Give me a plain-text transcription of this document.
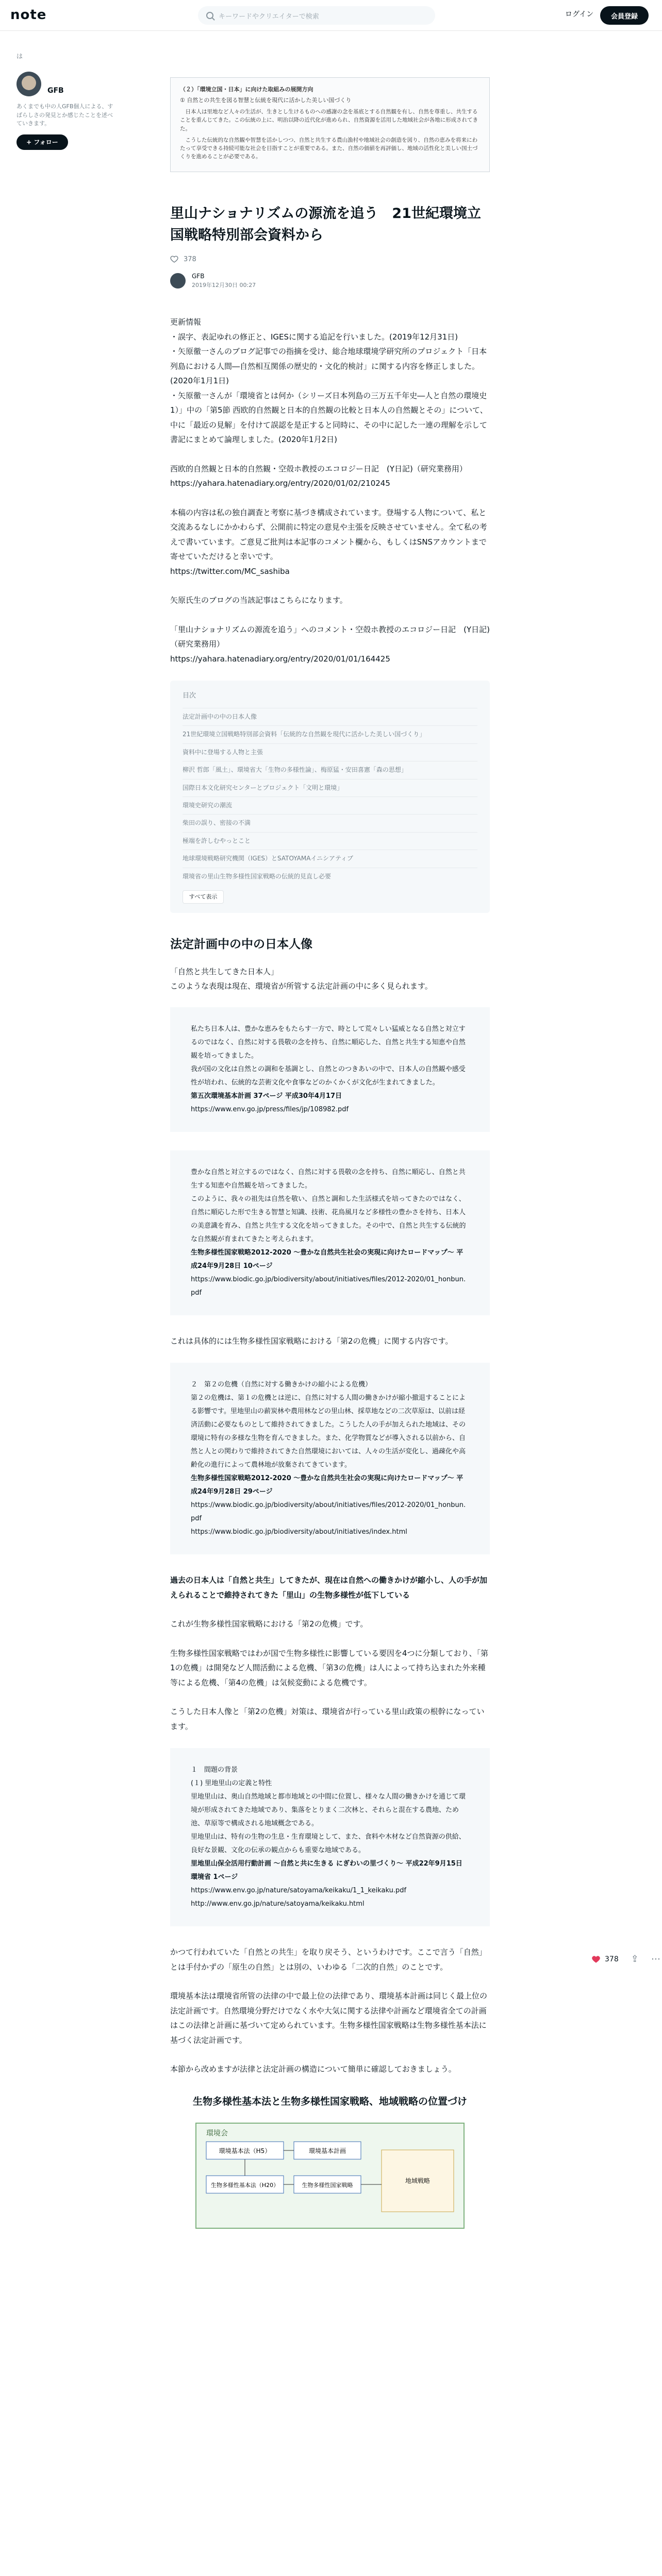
note	キーワードやクリエイターで検索	ログイン	会員登録
は
GFB
あくまでも中の人GFB個人による、すばらしさの発見とか感じたことを述べていきます。
+ フォロー
（２）「環境立国・日本」に向けた取組みの展開方向
① 自然との共生を図る智慧と伝統を現代に活かした美しい国づくり

日本人は里地など人々の生活が、生きとし生けるものへの感謝の念を基底とする自然観を有し、自然を尊重し、共生することを重んじてきた。この伝統の上に、明治以降の近代化が進められ、自然資源を活用した地域社会が各地に形成されてきた。

こうした伝統的な自然観や智慧を活かしつつ、自然と共生する農山漁村や地域社会の創造を図り、自然の恵みを将来にわたって享受できる持続可能な社会を目指すことが重要である。また、自然の価値を再評価し、地域の活性化と美しい国土づくりを進めることが必要である。

里山ナショナリズムの源流を追う　21世紀環境立国戦略特別部会資料から
378
GFB
2019年12月30日 00:27

更新情報
・誤字、表記ゆれの修正と、IGESに関する追記を行いました。(2019年12月31日)
・矢原徹一さんのブログ記事での指摘を受け、総合地球環境学研究所のプロジェクト「日本列島における人間―自然相互関係の歴史的・文化的検討」に関する内容を修正しました。(2020年1月1日)
・矢原徹一さんが「環境省とは何か（シリーズ日本列島の三万五千年史―人と自然の環境史 1）」中の「第5節 西欧的自然観と日本的自然観の比較と日本人の自然観とその」について、中に「最近の見解」を付けて誤認を是正すると同時に、その中に記した一連の理解を示して書記にまとめて論理しました。(2020年1月2日)

西欧的自然観と日本的自然観・空殻ホ教授のエコロジー日記　(Y日記)（研究業務用）
https://yahara.hatenadiary.org/entry/2020/01/02/210245

本稿の内容は私の独自調査と考察に基づき構成されています。登場する人物について、私と交流あるなしにかかわらず、公開前に特定の意見や主張を反映させていません。全て私の考えで書いています。ご意見ご批判は本記事のコメント欄から、もしくはSNSアカウントまで寄せていただけると幸いです。
https://twitter.com/MC_sashiba

矢原氏生のブログの当該記事はこちらになります。

「里山ナショナリズムの源流を追う」へのコメント・空殻ホ教授のエコロジー日記　(Y日記)（研究業務用）
https://yahara.hatenadiary.org/entry/2020/01/01/164425

目次
法定計画中の中の日本人像
21世紀環境立国戦略特別部会資料「伝統的な自然観を現代に活かした美しい国づくり」
資料中に登場する人物と主張
柳沢 哲郎「風土」、環境省大「生物の多様性論」、梅原猛・安田喜憲「森の思想」
国際日本文化研究センターとプロジェクト「文明と環境」
環境史研究の潮流
柴田の誤り、密接の不満
極端を許しむやっとこと
地球環境戦略研究機関（IGES）とSATOYAMAイニシアティブ
環境省の里山生物多様性国家戦略の伝統的見直し必要
すべて表示
法定計画中の中の日本人像

「自然と共生してきた日本人」
このような表現は現在、環境省が所管する法定計画の中に多く見られます。

私たち日本人は、豊かな恵みをもたらす一方で、時として荒々しい猛威となる自然と対立するのではなく、自然に対する畏敬の念を持ち、自然に順応した、自然と共生する知恵や自然観を培ってきました。
我が国の文化は自然との調和を基調とし、自然とのつきあいの中で、日本人の自然観や感受性が培われ、伝統的な芸術文化や食事などのかくかくが文化が生まれてきました。
第五次環境基本計画 37ページ 平成30年4月17日
https://www.env.go.jp/press/files/jp/108982.pdf
豊かな自然と対立するのではなく、自然に対する畏敬の念を持ち、自然に順応し、自然と共生する知恵や自然観を培ってきました。
このように、我々の祖先は自然を敬い、自然と調和した生活様式を培ってきたのではなく、自然に順応した形で生きる智慧と知識、技術、花鳥風月など多様性の豊かさを持ち、日本人の美意識を育み、自然と共生する文化を培ってきました。その中で、自然と共生する伝統的な自然観が育まれてきたと考えられます。
生物多様性国家戦略2012-2020 ～豊かな自然共生社会の実現に向けたロードマップ～ 平成24年9月28日 10ページ
https://www.biodic.go.jp/biodiversity/about/initiatives/files/2012-2020/01_honbun.pdf

これは具体的には生物多様性国家戦略における「第2の危機」に関する内容です。

２　第２の危機（自然に対する働きかけの縮小による危機）
第２の危機は、第１の危機とは逆に、自然に対する人間の働きかけが縮小撤退することによる影響です。里地里山の薪炭林や農用林などの里山林、採草地などの二次草原は、以前は経済活動に必要なものとして維持されてきました。こうした人の手が加えられた地域は、その環境に特有の多様な生物を育んできました。また、化学物質などが導入される以前から、自然と人との関わりで維持されてきた自然環境においては、人々の生活が変化し、過疎化や高齢化の進行によって農林地が放棄されてきています。
生物多様性国家戦略2012-2020 ～豊かな自然共生社会の実現に向けたロードマップ～ 平成24年9月28日 29ページ
https://www.biodic.go.jp/biodiversity/about/initiatives/files/2012-2020/01_honbun.pdf
https://www.biodic.go.jp/biodiversity/about/initiatives/index.html

過去の日本人は「自然と共生」してきたが、現在は自然への働きかけが縮小し、人の手が加えられることで維持されてきた「里山」の生物多様性が低下している

これが生物多様性国家戦略における「第2の危機」です。

生物多様性国家戦略ではわが国で生物多様性に影響している要因を4つに分類しており、「第1の危機」は開発など人間活動による危機、「第3の危機」は人によって持ち込まれた外来種等による危機、「第4の危機」は気候変動による危機です。

こうした日本人像と「第2の危機」対策は、環境省が行っている里山政策の根幹になっています。

１　間題の背景
(１) 里地里山の定義と特性
里地里山は、奥山自然地域と都市地域との中間に位置し、様々な人間の働きかけを通じて環境が形成されてきた地域であり、集落をとりまく二次林と、それらと混在する農地、ため池、草原等で構成される地域概念である。
里地里山は、特有の生物の生息・生育環境として、また、食料や木材など自然資源の供給、良好な景観、文化の伝承の観点からも重要な地域である。
里地里山保全活用行動計画 ～自然と共に生きる にぎわいの里づくり～ 平成22年9月15日 環境省 1ページ
https://www.env.go.jp/nature/satoyama/keikaku/1_1_keikaku.pdf
http://www.env.go.jp/nature/satoyama/keikaku.html

かつて行われていた「自然との共生」を取り戻そう、というわけです。ここで言う「自然」とは手付かずの「原生の自然」とは別の、いわゆる「二次的自然」のことです。

環境基本法は環境省所管の法律の中で最上位の法律であり、環境基本計画は同じく最上位の法定計画です。自然環境分野だけでなく水や大気に関する法律や計画など環境省全ての計画はこの法律と計画に基づいて定められています。生物多様性国家戦略は生物多様性基本法に基づく法定計画です。

本節から改めますが法律と法定計画の構造について簡単に確認しておきましょう。

生物多様性基本法と生物多様性国家戦略、地域戦略の位置づけ
環境会
環境基本法（H5）	環境基本計画
生物多様性基本法（H20）	生物多様性国家戦略
地域戦略
378 ⇪ ⋯
